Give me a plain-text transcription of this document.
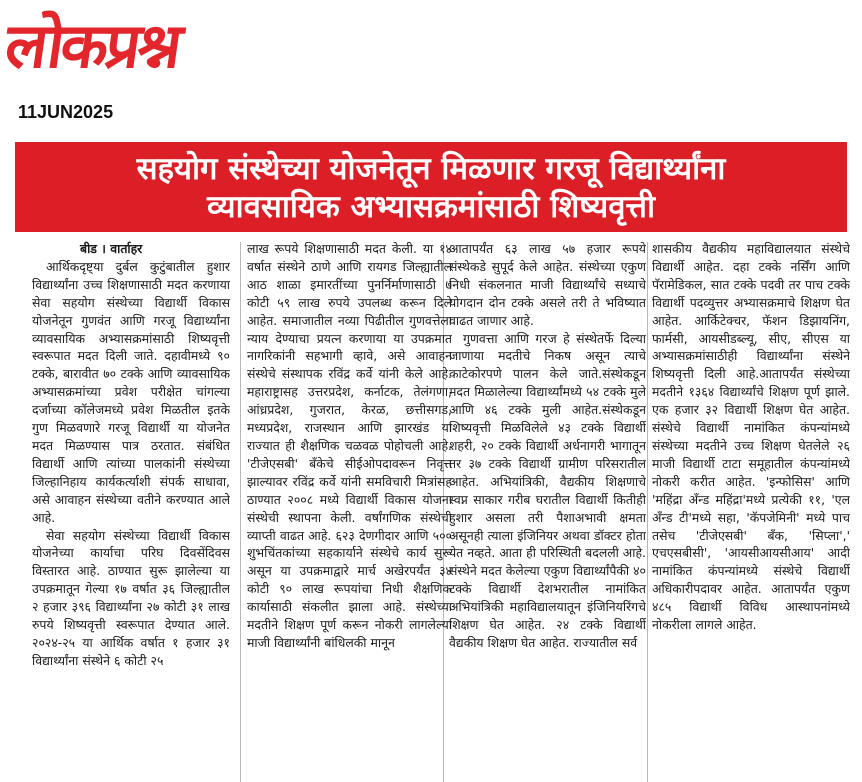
लोकप्रश्न
11JUN2025
सहयोग संस्थेच्या योजनेतून मिळणार गरजू विद्यार्थ्यांना
व्यावसायिक अभ्यासक्रमांसाठी शिष्यवृत्ती
बीड । वार्ताहर

आर्थिकदृष्ट्या दुर्बल कुटुंबातील हुशार विद्यार्थ्यांना उच्च शिक्षणासाठी मदत करणाया सेवा सहयोग संस्थेच्या विद्यार्थी विकास योजनेतून गुणवंत आणि गरजू विद्यार्थ्यांना व्यावसायिक अभ्यासक्रमांसाठी शिष्यवृत्ती स्वरूपात मदत दिली जाते. दहावीमध्ये ९० टक्के, बारावीत ७० टक्के आणि व्यावसायिक अभ्यासक्रमांच्या प्रवेश परीक्षेत चांगल्या दर्जाच्या कॉलेजमध्ये प्रवेश मिळतील इतके गुण मिळवणारे गरजू विद्यार्थी या योजनेत मदत मिळण्यास पात्र ठरतात. संबंधित विद्यार्थी आणि त्यांच्या पालकांनी संस्थेच्या जिल्हानिहाय कार्यकर्त्याशी संपर्क साधावा, असे आवाहन संस्थेच्या वतीने करण्यात आले आहे.

सेवा सहयोग संस्थेच्या विद्यार्थी विकास योजनेच्या कार्याचा परिघ दिवसेंदिवस विस्तारत आहे. ठाण्यात सुरू झालेल्या या उपक्रमातून गेल्या १७ वर्षात ३६ जिल्ह्यातील २ हजार ३९६ विद्यार्थ्यांना २७ कोटी ३१ लाख रुपये शिष्यवृत्ती स्वरूपात देण्यात आले. २०२४-२५ या आर्थिक वर्षात १ हजार ३१ विद्यार्थ्यांना संस्थेने ६ कोटी २५

लाख रूपये शिक्षणासाठी मदत केली. या १४ वर्षात संस्थेने ठाणे आणि रायगड जिल्ह्यातील आठ शाळा इमारतींच्या पुनर्निर्माणासाठी ७ कोटी ५९ लाख रुपये उपलब्ध करून दिले आहेत. समाजातील नव्या पिढीतील गुणवत्तेला न्याय देण्याचा प्रयत्न करणाया या उपक्रमात नागरिकांनी सहभागी व्हावे, असे आवाहन संस्थेचे संस्थापक रविंद्र कर्वे यांनी केले आहे. महाराष्ट्रासह उत्तरप्रदेश, कर्नाटक, तेलंगणा, आंध्रप्रदेश, गुजरात, केरळ, छत्तीसगड, मध्यप्रदेश, राजस्थान आणि झारखंड या राज्यात ही शैक्षणिक चळवळ पोहोचली आहे. 'टीजेएसबी' बँकेचे सीईओपदावरून निवृत्त झाल्यावर रविंद्र कर्वे यांनी समविचारी मित्रांसह ठाण्यात २००८ मध्ये विद्यार्थी विकास योजना संस्थेची स्थापना केली. वर्षांगणिक संस्थेची व्याप्ती वाढत आहे. ६२३ देणगीदार आणि ५०० शुभचिंतकांच्या सहकार्याने संस्थेचे कार्य सुरू असून या उपक्रमाद्वारे मार्च अखेरपर्यंत ३४ कोटी ९० लाख रूपयांचा निधी शैक्षणिक कार्यासाठी संकलीत झाला आहे. संस्थेच्या मदतीने शिक्षण पूर्ण करून नोकरी लागलेल्या माजी विद्यार्थ्यांनी बांधिलकी मानून

आतापर्यंत ६३ लाख ५७ हजार रूपये संस्थेकडे सुपूर्द केले आहेत. संस्थेच्या एकुण निधी संकलनात माजी विद्यार्थ्यांचे सध्याचे योगदान दोन टक्के असले तरी ते भविष्यात वाढत जाणार आहे.

गुणवत्ता आणि गरज हे संस्थेतर्फे दिल्या जाणाया मदतीचे निकष असून त्याचे काटेकोरपणे पालन केले जाते.संस्थेकडून मदत मिळालेल्या विद्यार्थ्यांमध्ये ५४ टक्के मुले आणि ४६ टक्के मुली आहेत.संस्थेकडून शिष्यवृत्ती मिळविलेले ४३ टक्के विद्यार्थी शहरी, २० टक्के विद्यार्थी अर्धनागरी भागातून तर ३७ टक्के विद्यार्थी ग्रामीण परिसरातील आहेत. अभियांत्रिकी, वैद्यकीय शिक्षणाचे स्वप्न साकार गरीब घरातील विद्यार्थी कितीही हुशार असला तरी पैशाअभावी क्षमता असूनही त्याला इंजिनियर अथवा डॉक्टर होता येत नव्हते. आता ही परिस्थिती बदलली आहे. संस्थेने मदत केलेल्या एकुण विद्यार्थ्यांपैकी ४० टक्के विद्यार्थी देशभरातील नामांकित अभियांत्रिकी महाविद्यालयातून इंजिनियरिंगचे शिक्षण घेत आहेत. २४ टक्के विद्यार्थी वैद्यकीय शिक्षण घेत आहेत. राज्यातील सर्व

शासकीय वैद्यकीय महाविद्यालयात संस्थेचे विद्यार्थी आहेत. दहा टक्के नर्सिंग आणि पॅरामेडिकल, सात टक्के पदवी तर पाच टक्के विद्यार्थी पदव्युत्तर अभ्यासक्रमाचे शिक्षण घेत आहेत. आर्किटेक्चर, फॅशन डिझायनिंग, फार्मसी, आयसीडब्ल्यू, सीए, सीएस या अभ्यासक्रमांसाठीही विद्यार्थ्यांना संस्थेने शिष्यवृत्ती दिली आहे.आतापर्यंत संस्थेच्या मदतीने १३६४ विद्यार्थ्यांचे शिक्षण पूर्ण झाले. एक हजार ३२ विद्यार्थी शिक्षण घेत आहेत. संस्थेचे विद्यार्थी नामांकित कंपन्यांमध्ये संस्थेच्या मदतीने उच्च शिक्षण घेतलेले २६ माजी विद्यार्थी टाटा समूहातील कंपन्यांमध्ये नोकरी करीत आहेत. 'इन्फोसिस' आणि 'महिंद्रा अँन्ड महिंद्रा'मध्ये प्रत्येकी ११, 'एल अँन्ड टी'मध्ये सहा, 'कॅपजेमिनी' मध्ये पाच तसेच 'टीजेएसबी' बँक, 'सिप्ला',' एचएसबीसी', 'आयसीआयसीआय' आदी नामांकित कंपन्यांमध्ये संस्थेचे विद्यार्थी अधिकारीपदावर आहेत. आतापर्यंत एकुण ४८५ विद्यार्थी विविध आस्थापनांमध्ये नोकरीला लागले आहेत.
